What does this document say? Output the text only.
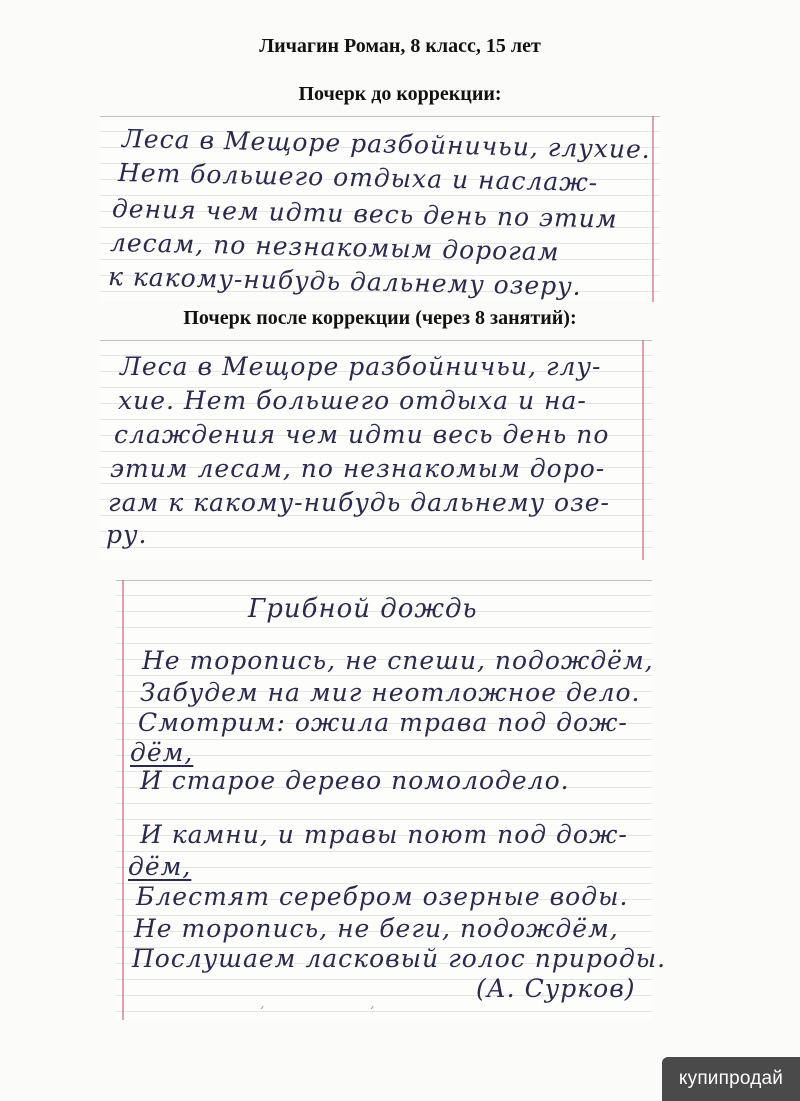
Личагин Роман, 8 класс, 15 лет
Почерк до коррекции:

Леса в Мещоре разбойничьи, глухие.

Нет большего отдыха и наслаж-

дения чем идти весь день по этим

лесам, по незнакомым дорогам

к какому-нибудь дальнему озеру.

Почерк после коррекции (через 8 занятий):

Леса в Мещоре разбойничьи, глу-

хие. Нет большего отдыха и на-

слаждения чем идти весь день по

этим лесам, по незнакомым доро-

гам к какому-нибудь дальнему озе-

ру.

Грибной дождь

Не торопись, не спеши, подождём,

Забудем на миг неотложное дело.

Смотрим: ожила трава под дож-

дём,

И старое дерево помолодело.

И камни, и травы поют под дож-

дём,

Блестят серебром озерные воды.

Не торопись, не беги, подождём,

Послушаем ласковый голос природы.

(А. Сурков)

ˊ	ˊ
купипродай
